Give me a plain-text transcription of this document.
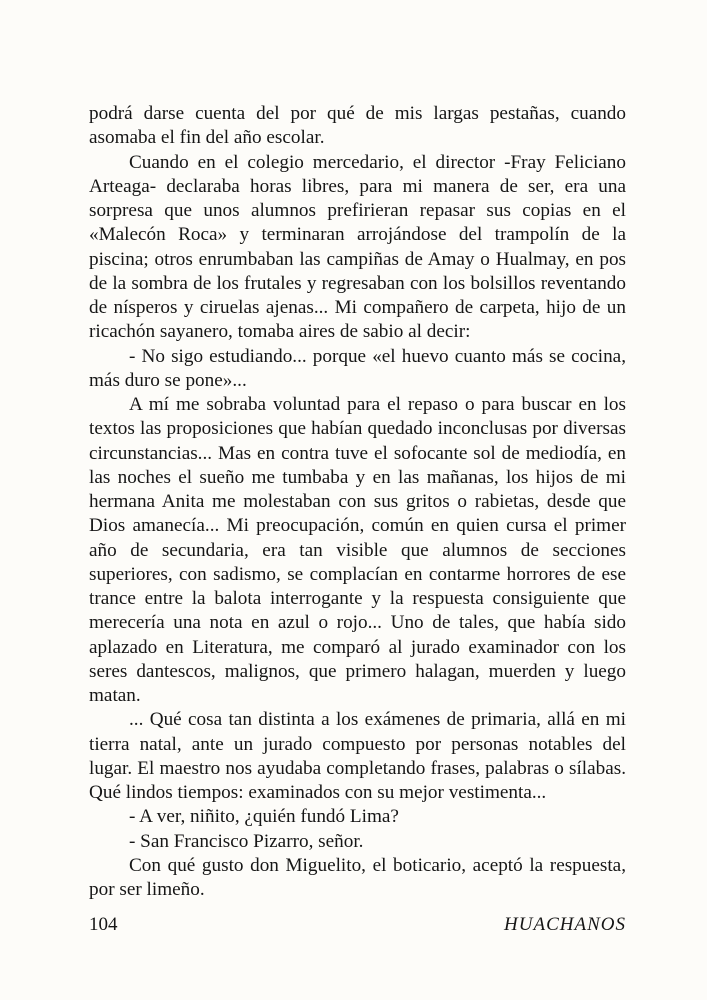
podrá darse cuenta del por qué de mis largas pestañas, cuando asomaba el fin del año escolar.

Cuando en el colegio mercedario, el director -Fray Feliciano Arteaga- declaraba horas libres, para mi manera de ser, era una sorpresa que unos alumnos prefirieran repasar sus copias en el «Malecón Roca» y terminaran arrojándose del trampolín de la piscina; otros enrumbaban las campiñas de Amay o Hualmay, en pos de la sombra de los frutales y regresaban con los bolsillos reventando de nísperos y ciruelas ajenas... Mi compañero de carpeta, hijo de un ricachón sayanero, tomaba aires de sabio al decir:

- No sigo estudiando... porque «el huevo cuanto más se cocina, más duro se pone»...

A mí me sobraba voluntad para el repaso o para buscar en los textos las proposiciones que habían quedado inconclusas por diversas circunstancias... Mas en contra tuve el sofocante sol de mediodía, en las noches el sueño me tumbaba y en las mañanas, los hijos de mi hermana Anita me molestaban con sus gritos o rabietas, desde que Dios amanecía... Mi preocupación, común en quien cursa el primer año de secundaria, era tan visible que alumnos de secciones superiores, con sadismo, se complacían en contarme horrores de ese trance entre la balota interrogante y la respuesta consiguiente que merecería una nota en azul o rojo... Uno de tales, que había sido aplazado en Literatura, me comparó al jurado examinador con los seres dantescos, malignos, que primero halagan, muerden y luego matan.

... Qué cosa tan distinta a los exámenes de primaria, allá en mi tierra natal, ante un jurado compuesto por personas notables del lugar. El maestro nos ayudaba completando frases, palabras o sílabas. Qué lindos tiempos: examinados con su mejor vestimenta...

- A ver, niñito, ¿quién fundó Lima?

- San Francisco Pizarro, señor.

Con qué gusto don Miguelito, el boticario, aceptó la respuesta, por ser limeño.

104	HUACHANOS
